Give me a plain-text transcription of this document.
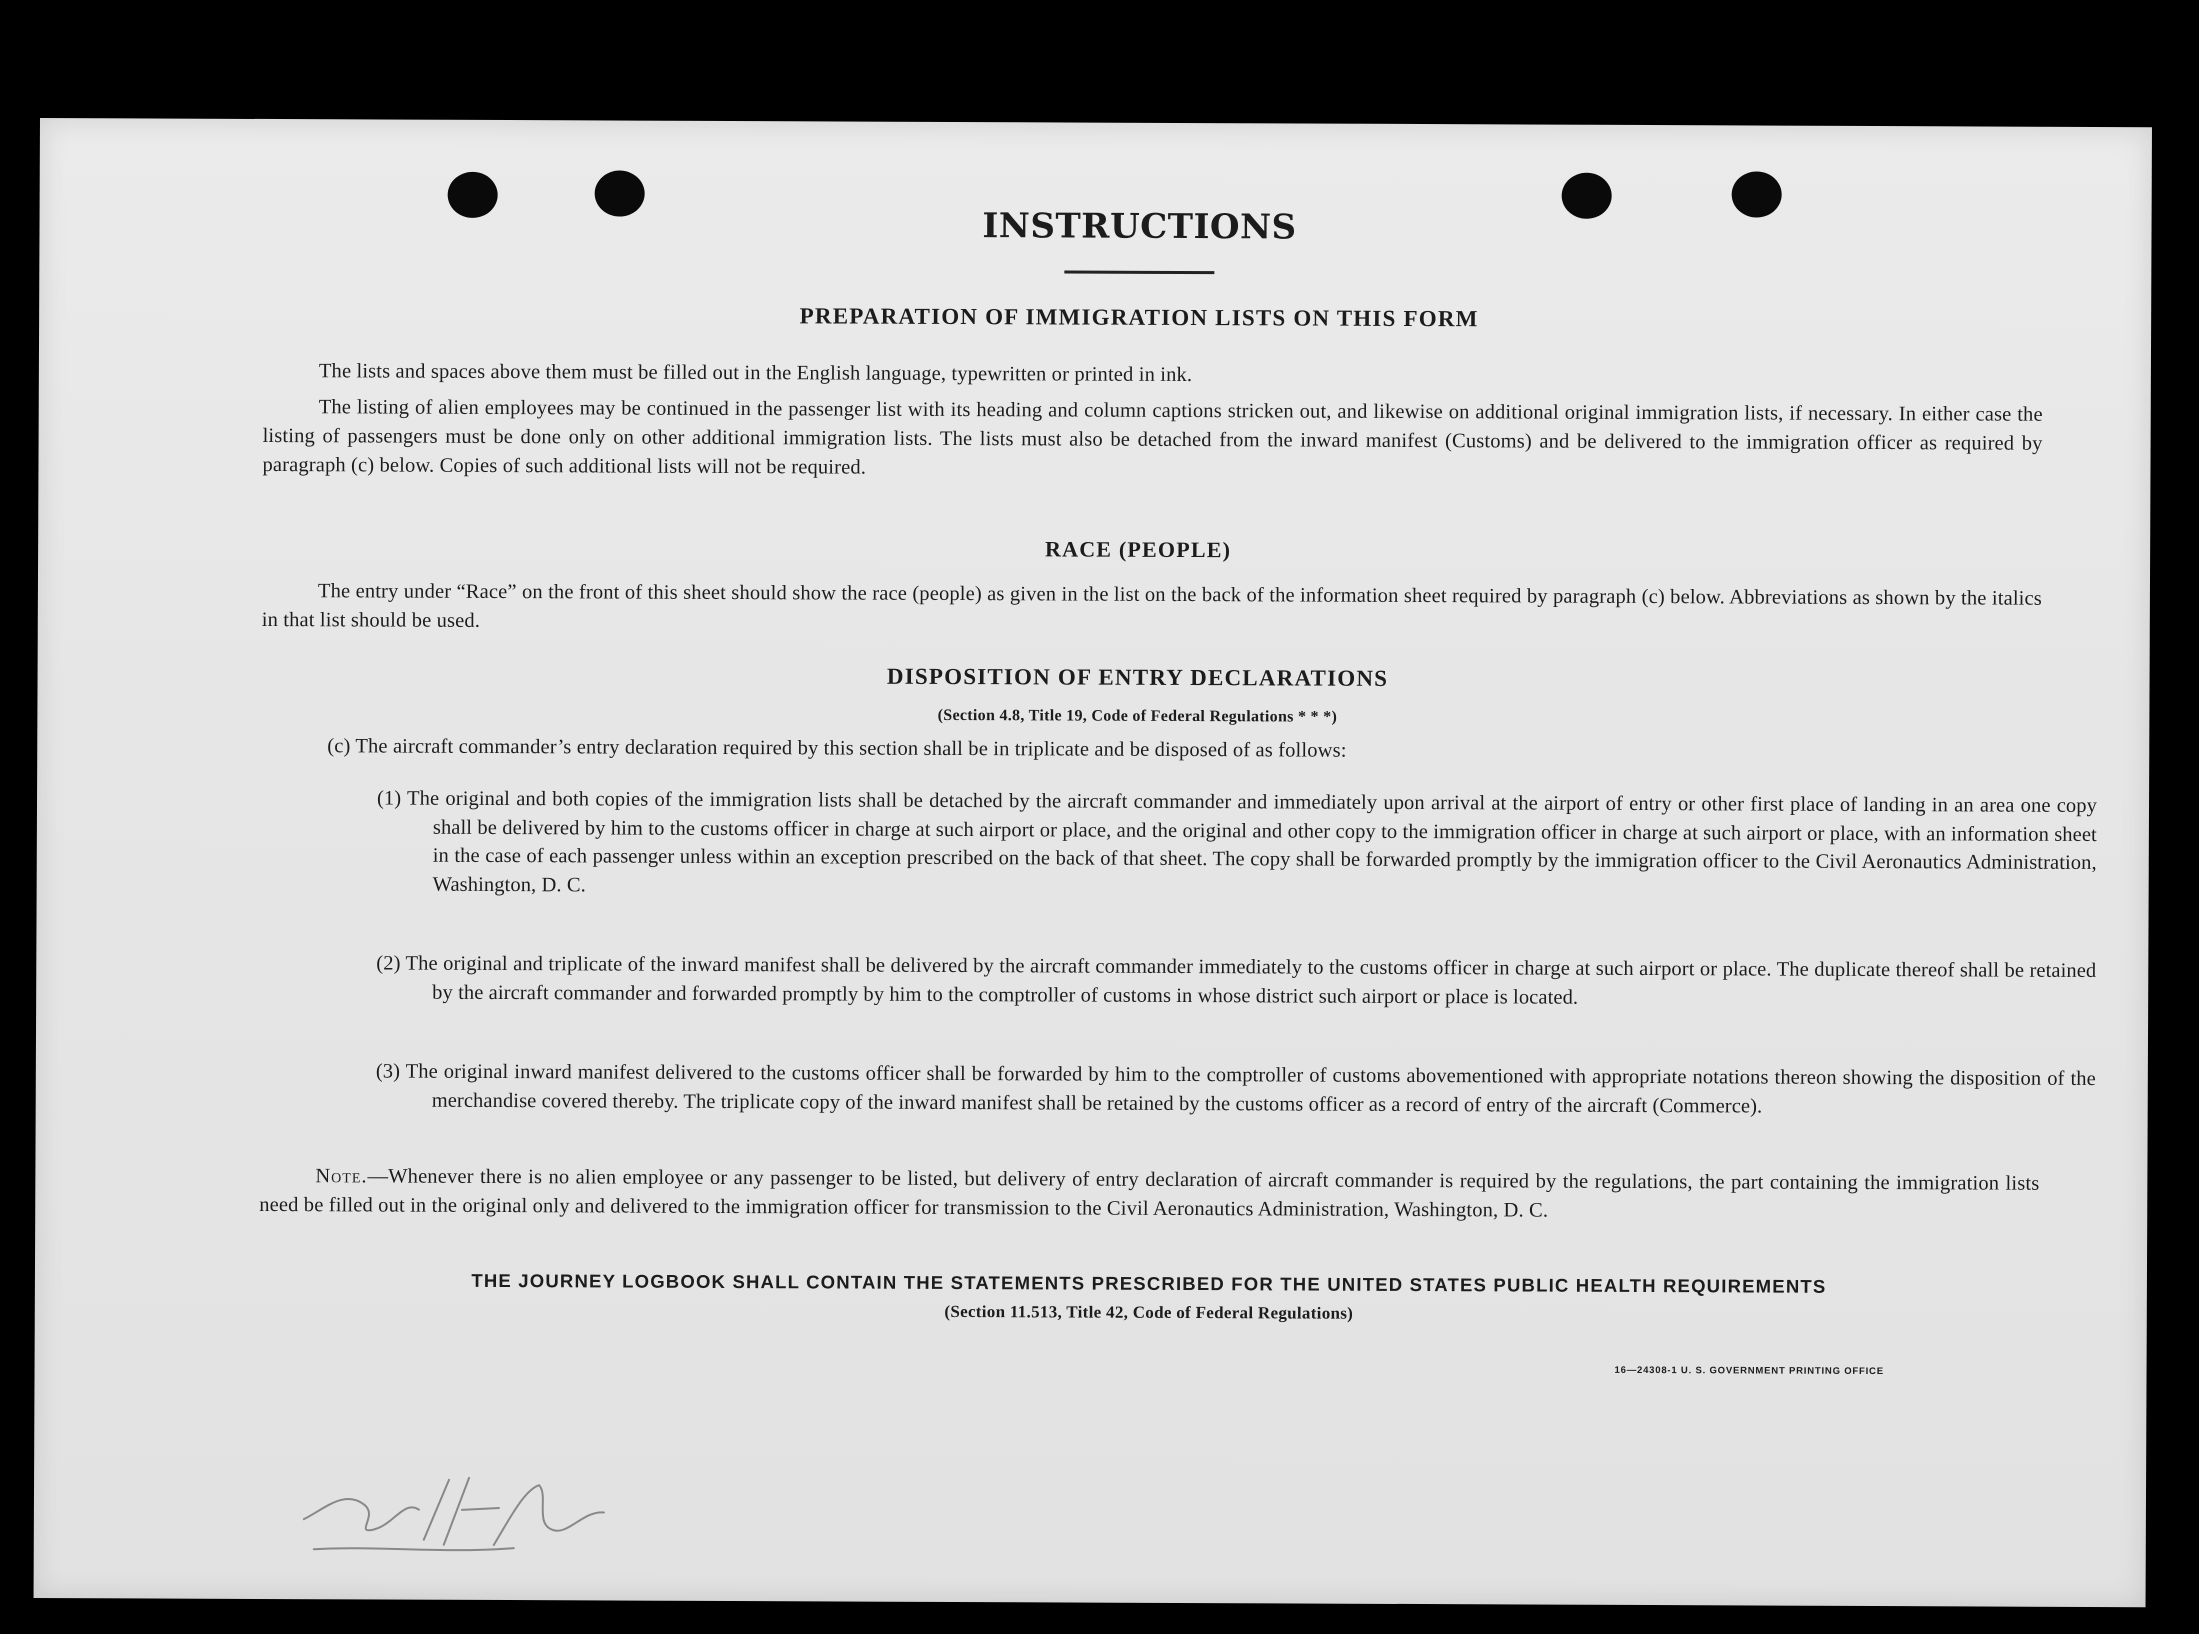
INSTRUCTIONS
PREPARATION OF IMMIGRATION LISTS ON THIS FORM
The lists and spaces above them must be filled out in the English language, typewritten or printed in ink.
The listing of alien employees may be continued in the passenger list with its heading and column captions stricken out, and likewise on additional original immigration lists, if necessary. In either case the listing of passengers must be done only on other additional immigration lists. The lists must also be detached from the inward manifest (Customs) and be delivered to the immigration officer as required by paragraph (c) below. Copies of such additional lists will not be required.
RACE (PEOPLE)
The entry under “Race” on the front of this sheet should show the race (people) as given in the list on the back of the information sheet required by paragraph (c) below. Abbreviations as shown by the italics in that list should be used.
DISPOSITION OF ENTRY DECLARATIONS
(Section 4.8, Title 19, Code of Federal Regulations * * *)
(c) The aircraft commander’s entry declaration required by this section shall be in triplicate and be disposed of as follows:
(1) The original and both copies of the immigration lists shall be detached by the aircraft commander and immediately upon arrival at the airport of entry or other first place of landing in an area one copy shall be delivered by him to the customs officer in charge at such airport or place, and the original and other copy to the immigration officer in charge at such airport or place, with an information sheet in the case of each passenger unless within an exception prescribed on the back of that sheet. The copy shall be forwarded promptly by the immigration officer to the Civil Aeronautics Administration, Washington, D. C.
(2) The original and triplicate of the inward manifest shall be delivered by the aircraft commander immediately to the customs officer in charge at such airport or place. The duplicate thereof shall be retained by the aircraft commander and forwarded promptly by him to the comptroller of customs in whose district such airport or place is located.
(3) The original inward manifest delivered to the customs officer shall be forwarded by him to the comptroller of customs abovementioned with appropriate notations thereon showing the disposition of the merchandise covered thereby. The triplicate copy of the inward manifest shall be retained by the customs officer as a record of entry of the aircraft (Commerce).
Note.—Whenever there is no alien employee or any passenger to be listed, but delivery of entry declaration of aircraft commander is required by the regulations, the part containing the immigration lists need be filled out in the original only and delivered to the immigration officer for transmission to the Civil Aeronautics Administration, Washington, D. C.
THE JOURNEY LOGBOOK SHALL CONTAIN THE STATEMENTS PRESCRIBED FOR THE UNITED STATES PUBLIC HEALTH REQUIREMENTS
(Section 11.513, Title 42, Code of Federal Regulations)
16—24308-1 U. S. GOVERNMENT PRINTING OFFICE
